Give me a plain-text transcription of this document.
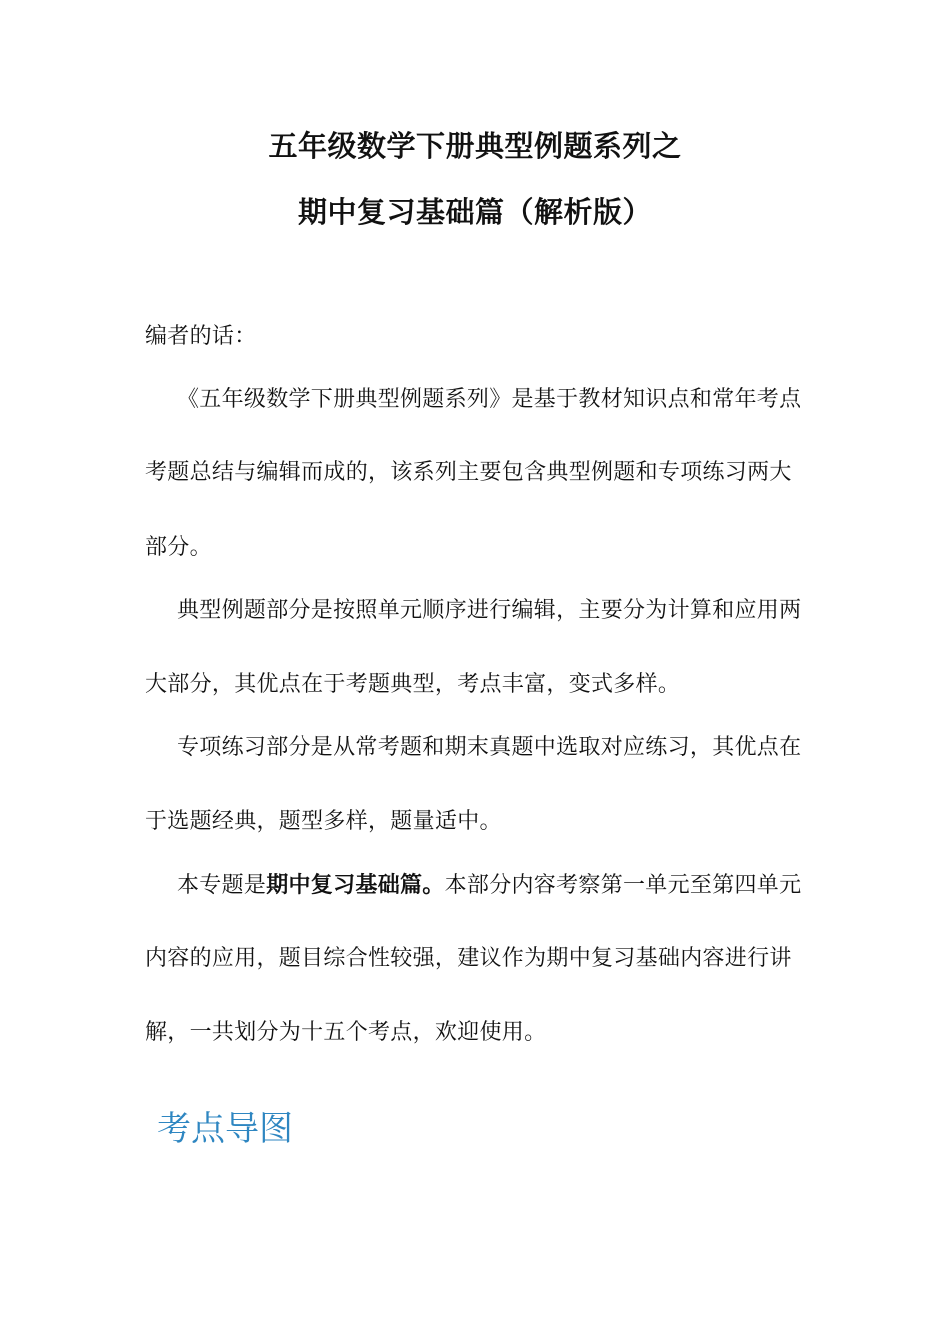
五年级数学下册典型例题系列之
期中复习基础篇（解析版）
编者的话：
《五年级数学下册典型例题系列》是基于教材知识点和常年考点
考题总结与编辑而成的，该系列主要包含典型例题和专项练习两大
部分。
典型例题部分是按照单元顺序进行编辑，主要分为计算和应用两
大部分，其优点在于考题典型，考点丰富，变式多样。
专项练习部分是从常考题和期末真题中选取对应练习，其优点在
于选题经典，题型多样，题量适中。
本专题是期中复习基础篇。本部分内容考察第一单元至第四单元
内容的应用，题目综合性较强，建议作为期中复习基础内容进行讲
解，一共划分为十五个考点，欢迎使用。
考点导图
